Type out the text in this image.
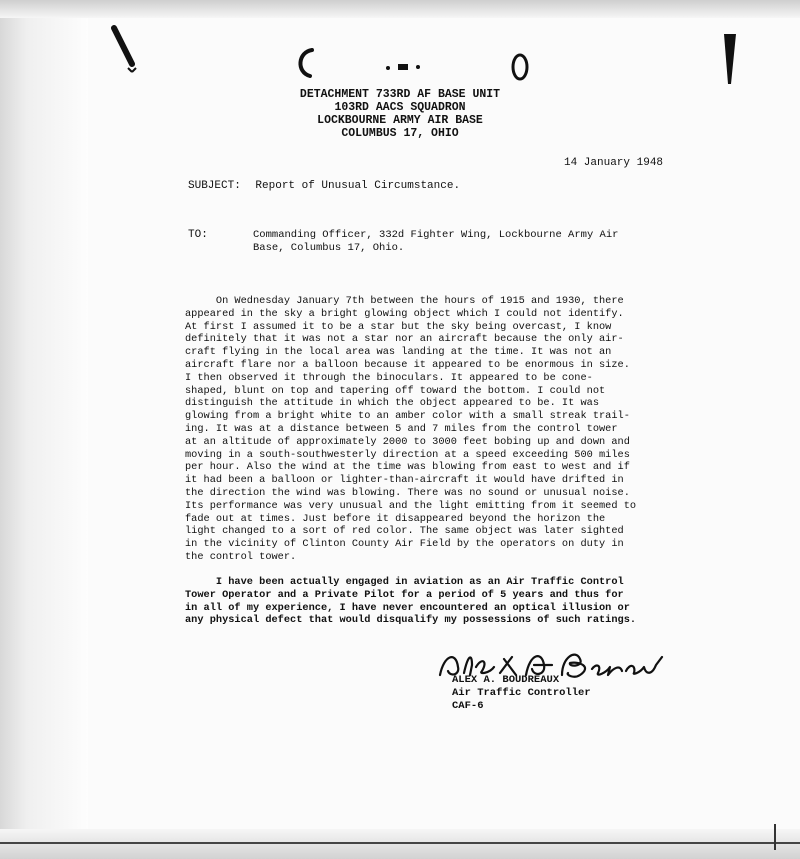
DETACHMENT 733RD AF BASE UNIT
103RD AACS SQUADRON
LOCKBOURNE ARMY AIR BASE
COLUMBUS 17, OHIO
14 January 1948
SUBJECT: Report of Unusual Circumstance.
TO:	Commanding Officer, 332d Fighter Wing, Lockbourne Army Air
Base, Columbus 17, Ohio.
On Wednesday January 7th between the hours of 1915 and 1930, there
appeared in the sky a bright glowing object which I could not identify.
At first I assumed it to be a star but the sky being overcast, I know
definitely that it was not a star nor an aircraft because the only air-
craft flying in the local area was landing at the time. It was not an
aircraft flare nor a balloon because it appeared to be enormous in size.
I then observed it through the binoculars. It appeared to be cone-
shaped, blunt on top and tapering off toward the bottom. I could not
distinguish the attitude in which the object appeared to be. It was
glowing from a bright white to an amber color with a small streak trail-
ing. It was at a distance between 5 and 7 miles from the control tower
at an altitude of approximately 2000 to 3000 feet bobing up and down and
moving in a south-southwesterly direction at a speed exceeding 500 miles
per hour. Also the wind at the time was blowing from east to west and if
it had been a balloon or lighter-than-aircraft it would have drifted in
the direction the wind was blowing. There was no sound or unusual noise.
Its performance was very unusual and the light emitting from it seemed to
fade out at times. Just before it disappeared beyond the horizon the
light changed to a sort of red color. The same object was later sighted
in the vicinity of Clinton County Air Field by the operators on duty in
the control tower.
I have been actually engaged in aviation as an Air Traffic Control
Tower Operator and a Private Pilot for a period of 5 years and thus for
in all of my experience, I have never encountered an optical illusion or
any physical defect that would disqualify my possessions of such ratings.
ALEX A. BOUDREAUX
Air Traffic Controller
CAF-6
